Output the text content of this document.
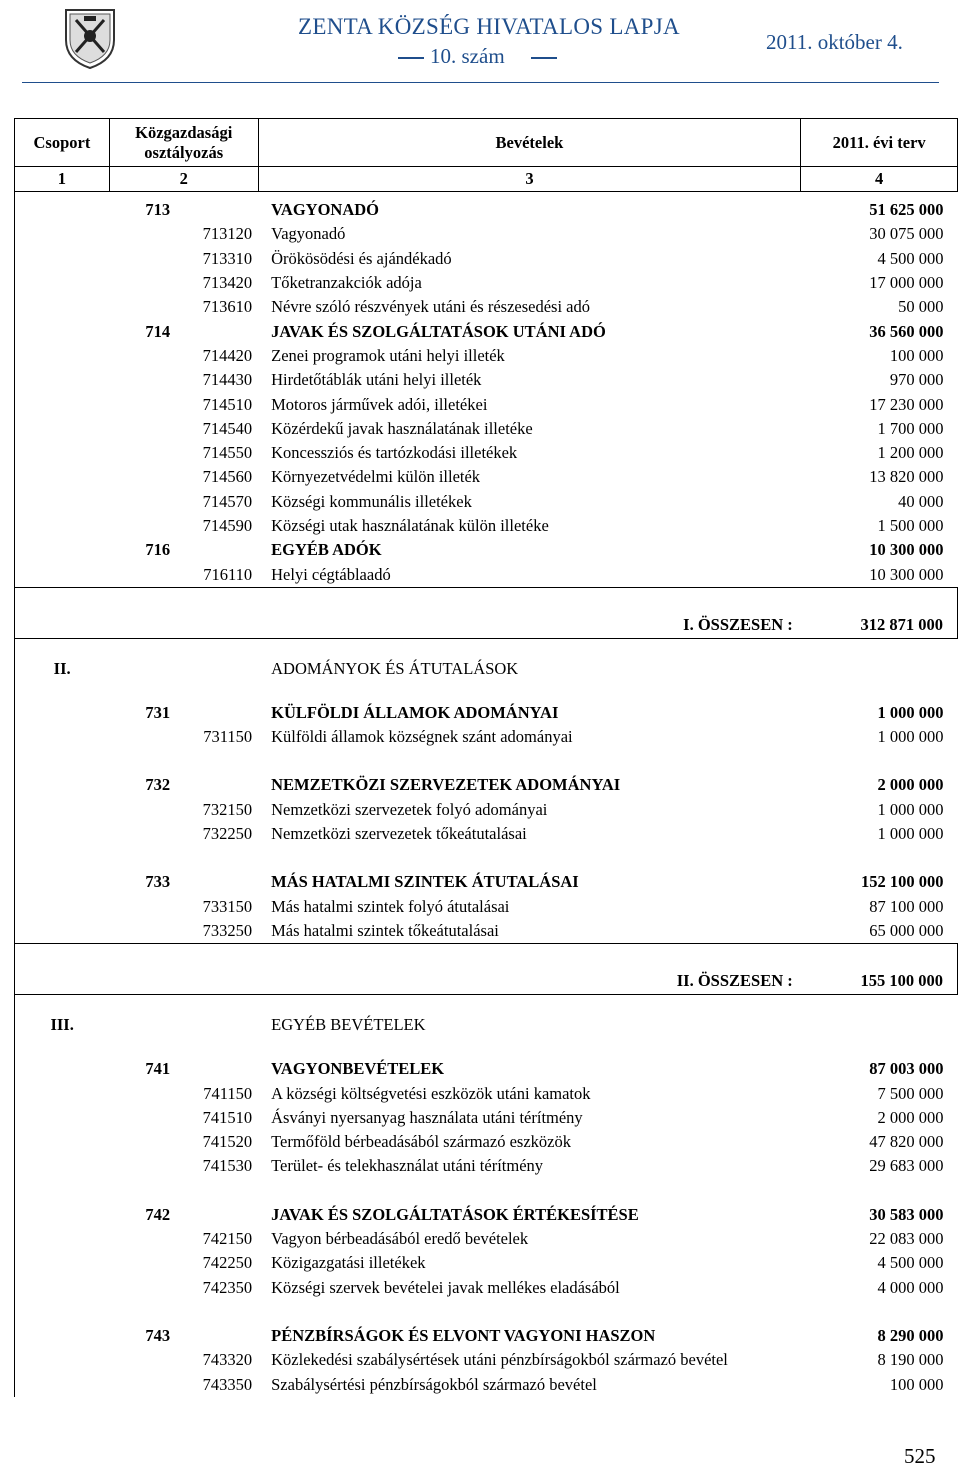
ZENTA KÖZSÉG HIVATALOS LAPJA
2011. október 4.
10. szám
Csoport	Közgazdasági osztályozás	Bevételek	2011. évi terv
1	2	3	4

	713	VAGYONADÓ	51 625 000
	713120	Vagyonadó	30 075 000
	713310	Örökösödési és ajándékadó	4 500 000
	713420	Tőketranzakciók adója	17 000 000
	713610	Névre szóló részvények utáni és részesedési adó	50 000
	714	JAVAK ÉS SZOLGÁLTATÁSOK UTÁNI ADÓ	36 560 000
	714420	Zenei programok utáni helyi illeték	100 000
	714430	Hirdetőtáblák utáni helyi illeték	970 000
	714510	Motoros járművek adói, illetékei	17 230 000
	714540	Közérdekű javak használatának illetéke	1 700 000
	714550	Koncessziós és tartózkodási illetékek	1 200 000
	714560	Környezetvédelmi külön illeték	13 820 000
	714570	Községi kommunális illetékek	40 000
	714590	Községi utak használatának külön illetéke	1 500 000
	716	EGYÉB ADÓK	10 300 000
	716110	Helyi cégtáblaadó	10 300 000

		I. ÖSSZESEN :	312 871 000

II.		ADOMÁNYOK ÉS ÁTUTALÁSOK	

	731	KÜLFÖLDI ÁLLAMOK ADOMÁNYAI	1 000 000
	731150	Külföldi államok községnek szánt adományai	1 000 000

	732	NEMZETKÖZI SZERVEZETEK ADOMÁNYAI	2 000 000
	732150	Nemzetközi szervezetek folyó adományai	1 000 000
	732250	Nemzetközi szervezetek tőkeátutalásai	1 000 000

	733	MÁS HATALMI SZINTEK ÁTUTALÁSAI	152 100 000
	733150	Más hatalmi szintek folyó átutalásai	87 100 000
	733250	Más hatalmi szintek tőkeátutalásai	65 000 000

		II. ÖSSZESEN :	155 100 000

III.		EGYÉB BEVÉTELEK	

	741	VAGYONBEVÉTELEK	87 003 000
	741150	A községi költségvetési eszközök utáni kamatok	7 500 000
	741510	Ásványi nyersanyag használata utáni térítmény	2 000 000
	741520	Termőföld bérbeadásából származó eszközök	47 820 000
	741530	Terület- és telekhasználat utáni térítmény	29 683 000

	742	JAVAK ÉS SZOLGÁLTATÁSOK ÉRTÉKESÍTÉSE	30 583 000
	742150	Vagyon bérbeadásából eredő bevételek	22 083 000
	742250	Közigazgatási illetékek	4 500 000
	742350	Községi szervek bevételei javak mellékes eladásából	4 000 000

	743	PÉNZBÍRSÁGOK ÉS ELVONT VAGYONI HASZON	8 290 000
	743320	Közlekedési szabálysértések utáni pénzbírságokból származó bevétel	8 190 000
	743350	Szabálysértési pénzbírságokból származó bevétel	100 000
525
